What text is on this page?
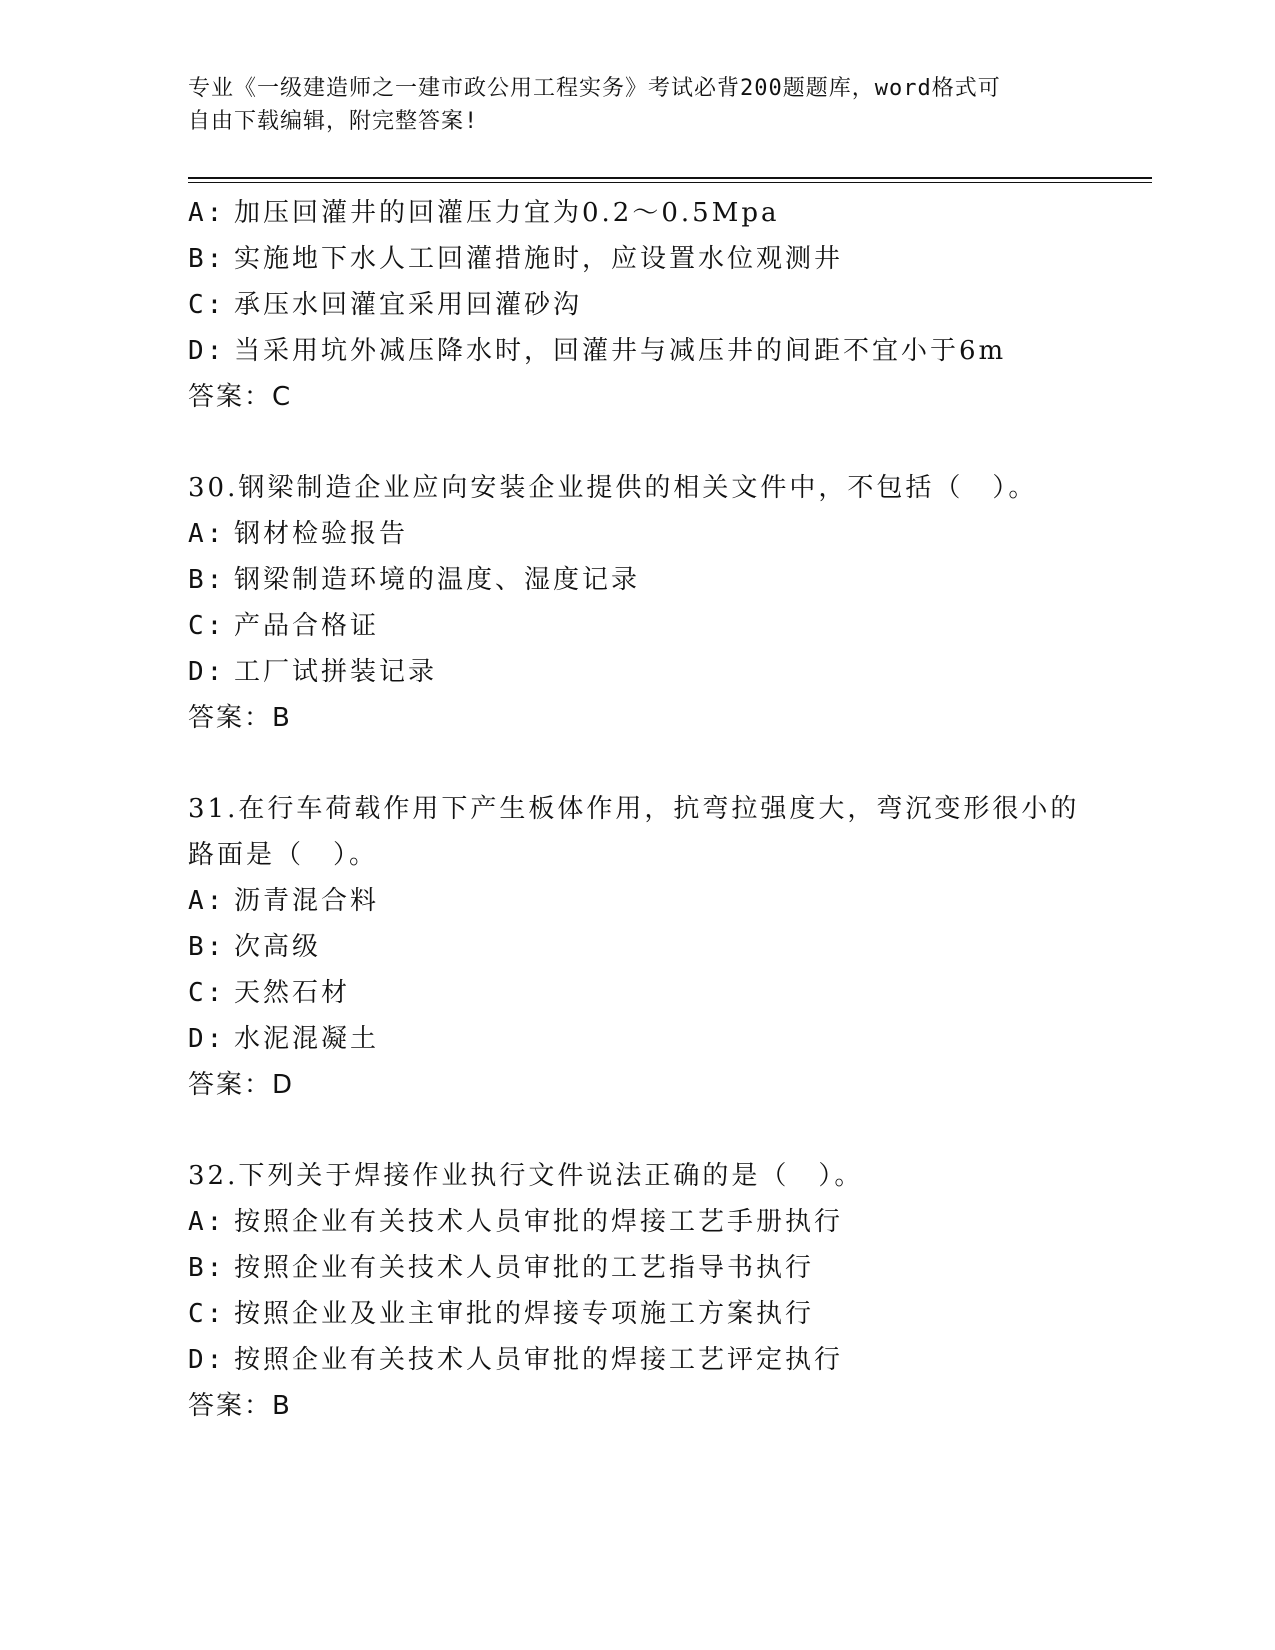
专业《一级建造师之一建市政公用工程实务》考试必背200题题库，word格式可
自由下载编辑，附完整答案!
A: 加压回灌井的回灌压力宜为0.2～0.5Mpa
B: 实施地下水人工回灌措施时，应设置水位观测井
C: 承压水回灌宜采用回灌砂沟
D: 当采用坑外减压降水时，回灌井与减压井的间距不宜小于6m
答案：C
30.钢梁制造企业应向安装企业提供的相关文件中，不包括（　）。
A: 钢材检验报告
B: 钢梁制造环境的温度、湿度记录
C: 产品合格证
D: 工厂试拼装记录
答案：B
31.在行车荷载作用下产生板体作用，抗弯拉强度大，弯沉变形很小的
路面是（　）。
A: 沥青混合料
B: 次高级
C: 天然石材
D: 水泥混凝土
答案：D
32.下列关于焊接作业执行文件说法正确的是（　）。
A: 按照企业有关技术人员审批的焊接工艺手册执行
B: 按照企业有关技术人员审批的工艺指导书执行
C: 按照企业及业主审批的焊接专项施工方案执行
D: 按照企业有关技术人员审批的焊接工艺评定执行
答案：B
